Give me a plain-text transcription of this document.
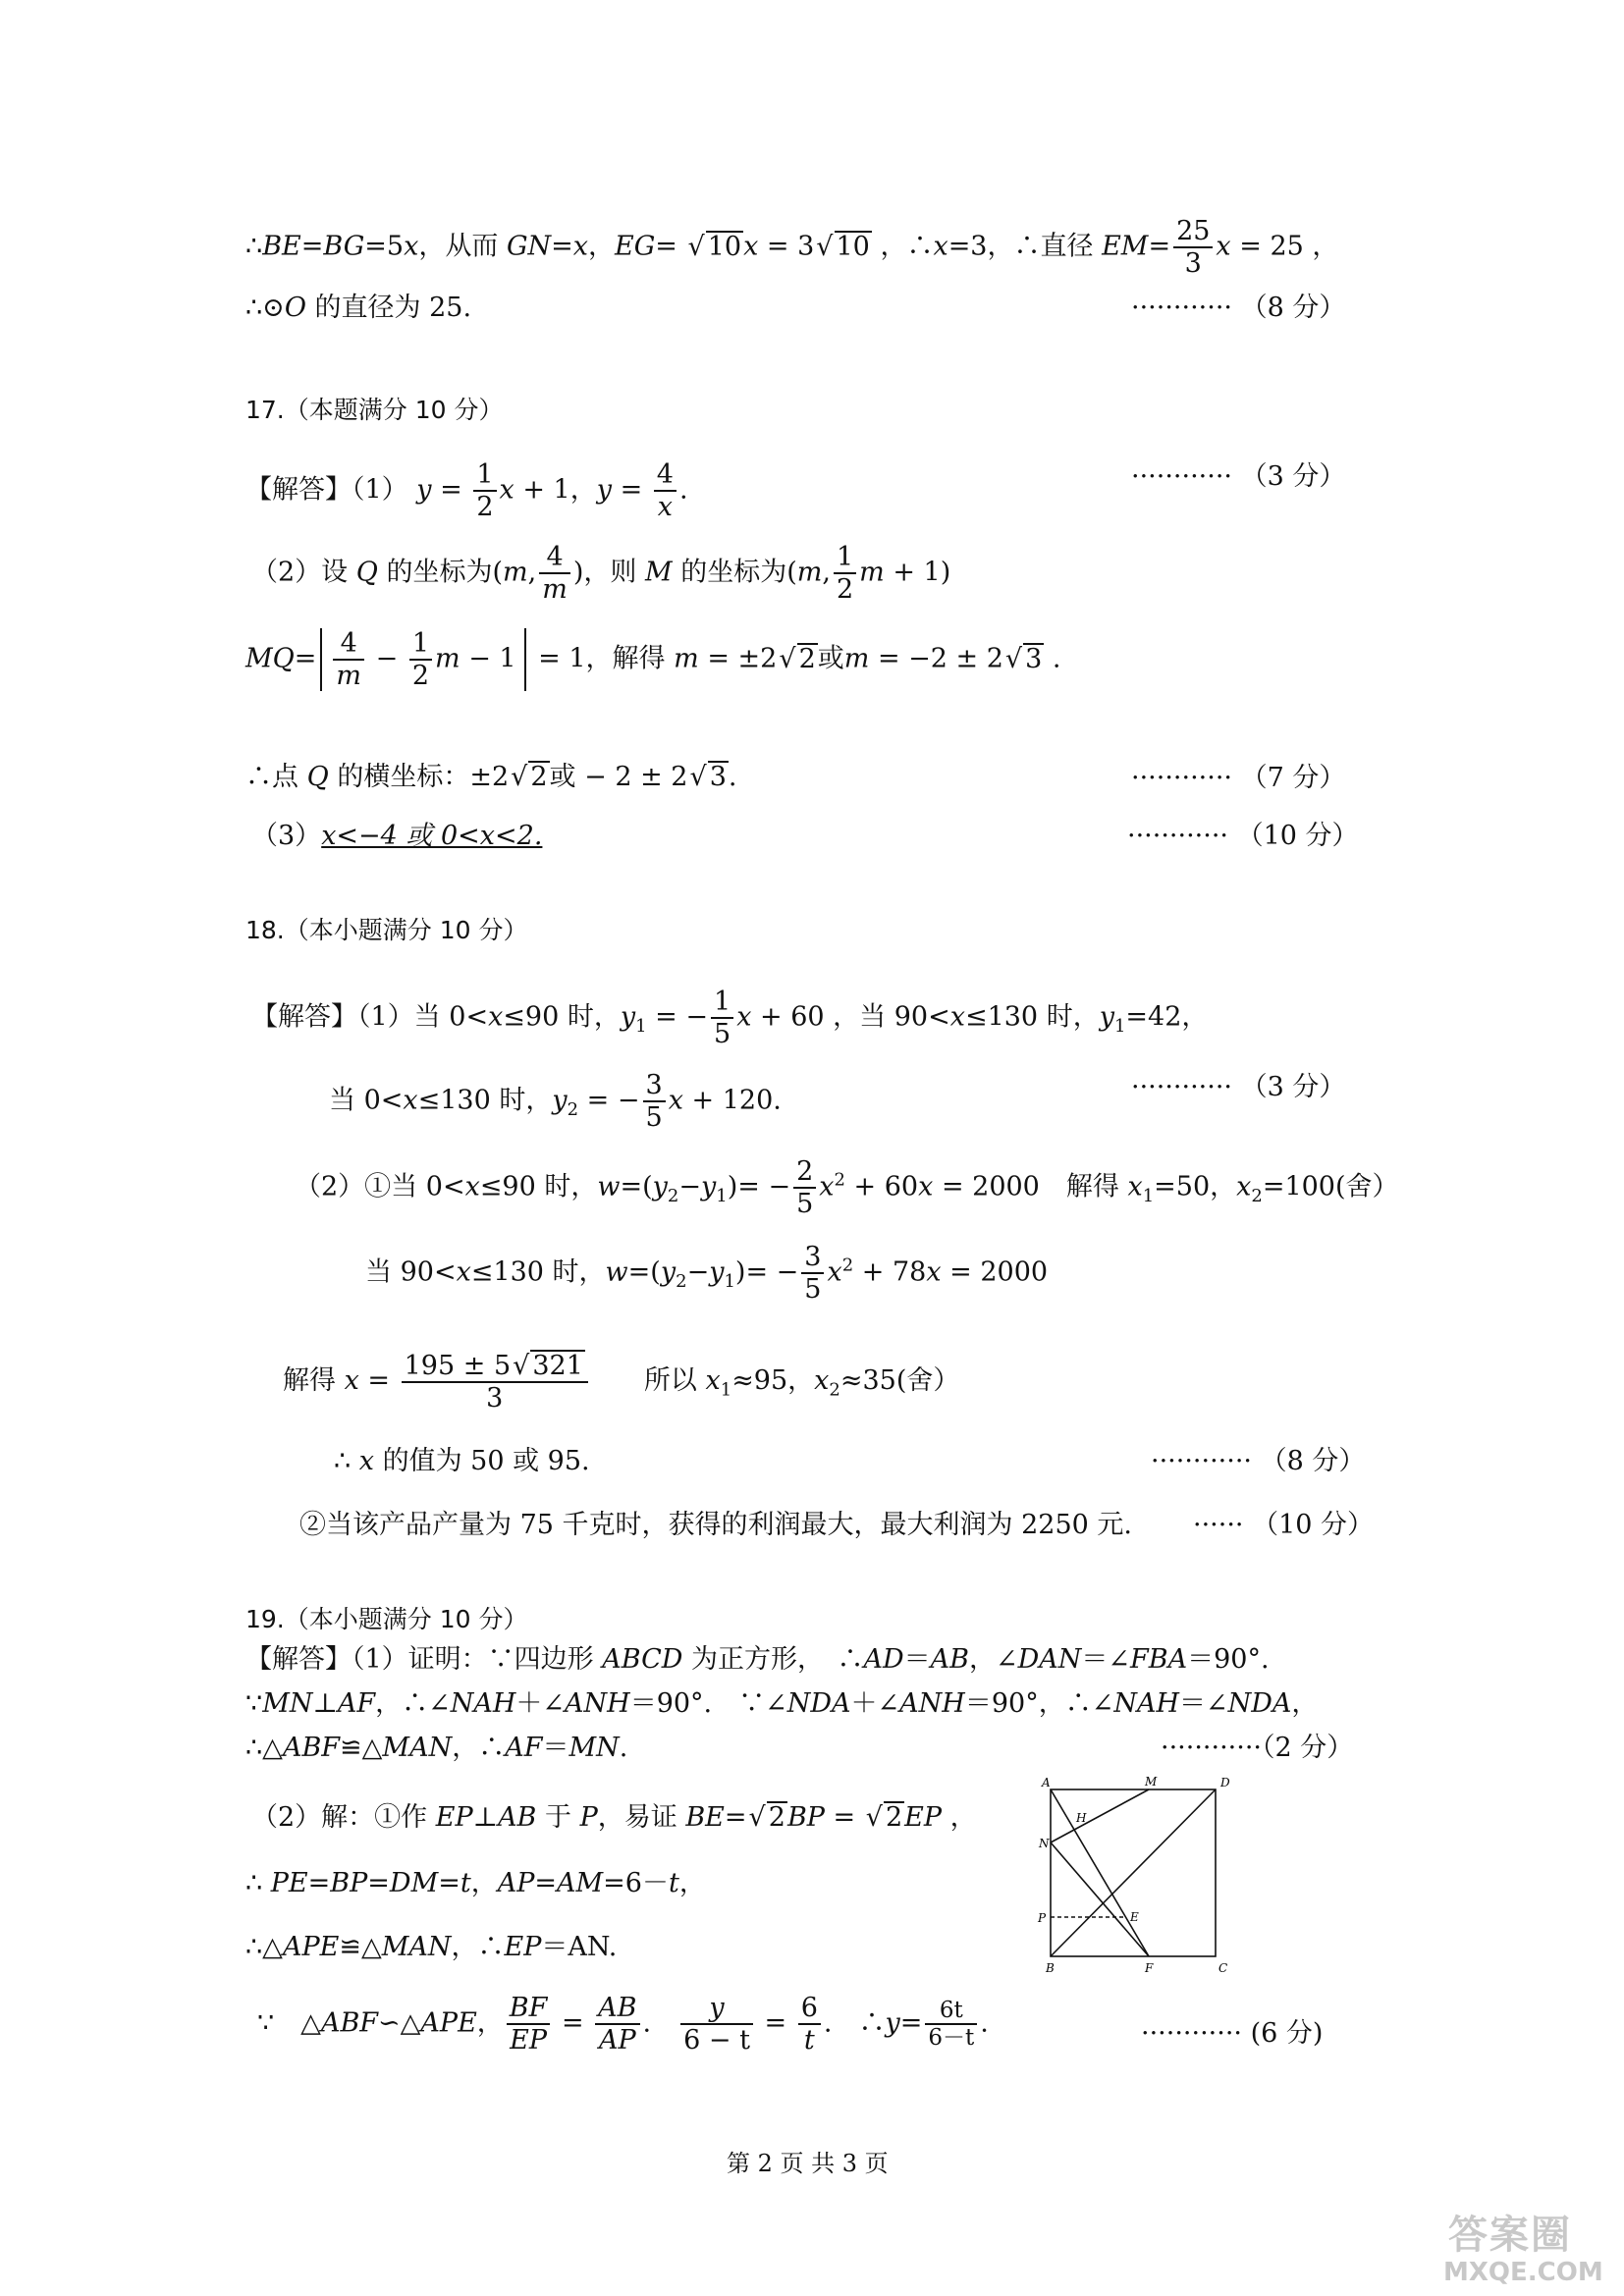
∴BE=BG=5x，从而 GN=x，EG= √ 10x = 3√ 10 ，∴x=3，∴直径 $EM= \frac{25}{3}$ x = 25 ，
∴⊙O 的直径为 25.	············ （8 分）
17.（本题满分 10 分）
【解答】（1） $y = \frac{1}{2}$ x + 1，$y = \frac{4}{x}$ .	············ （3 分）
（2）设 Q 的坐标为(m, $\frac{4}{m}$ )，则 M 的坐标为(m, $\frac{1}{2}$ m + 1)
$MQ= \frac{4}{m} - \frac{1}{2}$ m − 1 = 1，解得 m = ±2√ 2或m = −2 ± 2√ 3 .
∴点 Q 的横坐标：±2√ 2或 − 2 ± 2√ 3.	············ （7 分）
（3）x<−4 或 0<x<2.	············ （10 分）
18.（本小题满分 10 分）
【解答】（1）当 0<x≤90 时，$y_1$ = − $\frac{1}{5}$ x + 60 ，当 90<x≤130 时，$y_1=42$，
当 0<x≤130 时，$y_2$ = − $\frac{3}{5}$ x + 120.	············ （3 分）
（2）①当 0<x≤90 时，$w=(y_2-y_1)= - \frac{2}{5} x^2 + 60x = 2000$　解得 $x_1=50$，$x_2=100$(舍）
当 90<x≤130 时，$w=(y_2-y_1)= - \frac{3}{5} x^2 + 78x = 2000$
解得 $x = \frac{195 \pm 5√ 321}{3}$ 　　所以 $x_1\approx 95$，$x_2\approx 35$(舍）
∴ x 的值为 50 或 95.	············ （8 分）
②当该产品产量为 75 千克时，获得的利润最大，最大利润为 2250 元. ······ （10 分）
19.（本小题满分 10 分）
【解答】（1）证明：∵四边形 ABCD 为正方形，　∴AD＝AB，∠DAN＝∠FBA＝90°.
∵MN⊥AF，∴∠NAH＋∠ANH＝90°.　∵∠NDA＋∠ANH＝90°，∴∠NAH＝∠NDA，
∴△ABF≌△MAN，∴AF＝MN.	············（2 分）
（2）解：①作 EP⊥AB 于 P，易证 BE=√ 2BP = √ 2EP ，
∴ PE=BP=DM=t，AP=AM=6－t，
∴△APE≌△MAN，∴EP＝AN.
∵　△ABF∽△APE， $\frac{BF}{EP} = \frac{AB}{AP}$ .　 $\frac{y}{6 - t} = \frac{6}{t}$ .　∴y= $\frac{6t}{6-t}$ .	············ (6 分)
A	M	D
H
N
P	E
B	F	C
第 2 页 共 3 页
答案圈
MXQE.COM
